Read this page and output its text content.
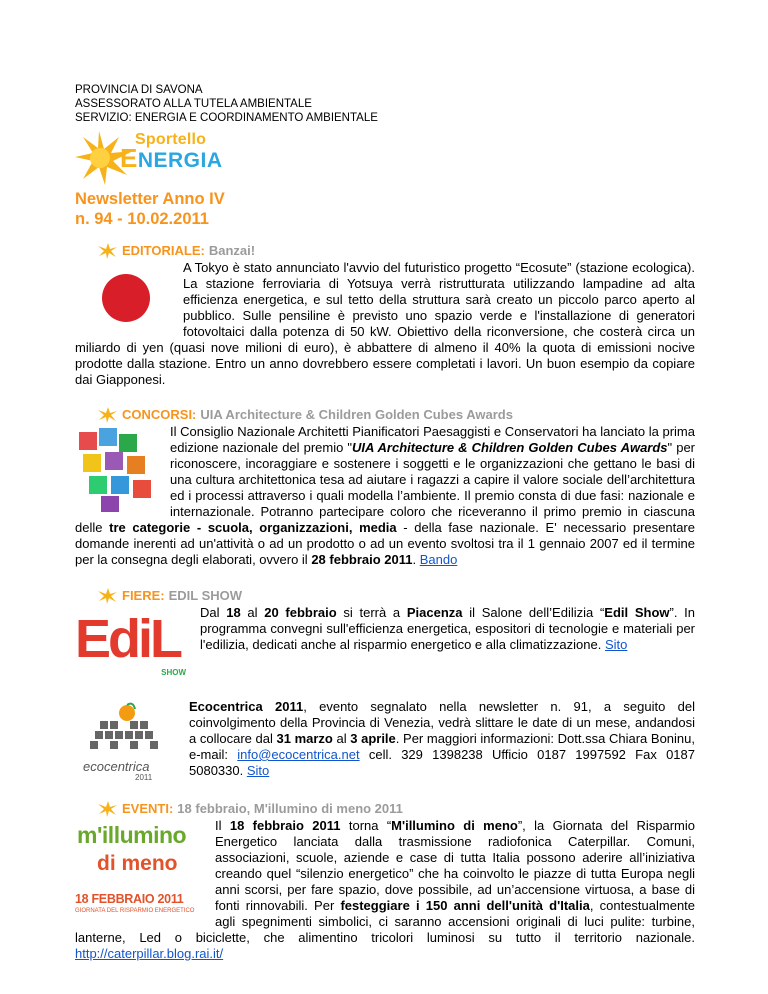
PROVINCIA DI SAVONA
ASSESSORATO ALLA TUTELA AMBIENTALE
SERVIZIO: ENERGIA E COORDINAMENTO AMBIENTALE
Sportello
ENERGIA
Newsletter Anno IV
n. 94 - 10.02.2011
EDITORIALE: Banzai!

A Tokyo è stato annunciato l'avvio del futuristico progetto “Ecosute” (stazione ecologica). La stazione ferroviaria di Yotsuya verrà ristrutturata utilizzando lampadine ad alta efficienza energetica, e sul tetto della struttura sarà creato un piccolo parco aperto al pubblico. Sulle pensiline è previsto uno spazio verde e l'installazione di generatori fotovoltaici dalla potenza di 50 kW. Obiettivo della riconversione, che costerà circa un miliardo di yen (quasi nove milioni di euro), è abbattere di almeno il 40% la quota di emissioni nocive prodotte dalla stazione. Entro un anno dovrebbero essere completati i lavori. Un buon esempio da copiare dai Giapponesi.

CONCORSI: UIA Architecture & Children Golden Cubes Awards

Il Consiglio Nazionale Architetti Pianificatori Paesaggisti e Conservatori ha lanciato la prima edizione nazionale del premio "UIA Architecture & Children Golden Cubes Awards" per riconoscere, incoraggiare e sostenere i soggetti e le organizzazioni che gettano le basi di una cultura architettonica tesa ad aiutare i ragazzi a capire il valore sociale dell’architettura ed i processi attraverso i quali modella l’ambiente. Il premio consta di due fasi: nazionale e internazionale. Potranno partecipare coloro che riceveranno il primo premio in ciascuna delle tre categorie - scuola, organizzazioni, media - della fase nazionale. E' necessario presentare domande inerenti ad un'attività o ad un prodotto o ad un evento svoltosi tra il 1 gennaio 2007 ed il termine per la consegna degli elaborati, ovvero il 28 febbraio 2011. Bando

FIERE: EDIL SHOW
EdiL
SHOW

Dal 18 al 20 febbraio si terrà a Piacenza il Salone dell’Edilizia “Edil Show”. In programma convegni sull'efficienza energetica, espositori di tecnologie e materiali per l'edilizia, dedicati anche al risparmio energetico e alla climatizzazione. Sito

ecocentrica
2011

Ecocentrica 2011, evento segnalato nella newsletter n. 91, a seguito del coinvolgimento della Provincia di Venezia, vedrà slittare le date di un mese, andandosi a collocare dal 31 marzo al 3 aprile. Per maggiori informazioni: Dott.ssa Chiara Boninu, e-mail: info@ecocentrica.net cell. 329 1398238 Ufficio 0187 1997592 Fax 0187 5080330. Sito

EVENTI: 18 febbraio, M'illumino di meno 2011
m'illumino
di meno
18 FEBBRAIO 2011
GIORNATA DEL RISPARMIO ENERGETICO

Il 18 febbraio 2011 torna “M'illumino di meno”, la Giornata del Risparmio Energetico lanciata dalla trasmissione radiofonica Caterpillar. Comuni, associazioni, scuole, aziende e case di tutta Italia possono aderire all’iniziativa creando quel “silenzio energetico” che ha coinvolto le piazze di tutta Europa negli anni scorsi, per fare spazio, dove possibile, ad un’accensione virtuosa, a base di fonti rinnovabili. Per festeggiare i 150 anni dell'unità d'Italia, contestualmente agli spegnimenti simbolici, ci saranno accensioni originali di luci pulite: turbine, lanterne, Led o biciclette, che alimentino tricolori luminosi su tutto il territorio nazionale. http://caterpillar.blog.rai.it/
